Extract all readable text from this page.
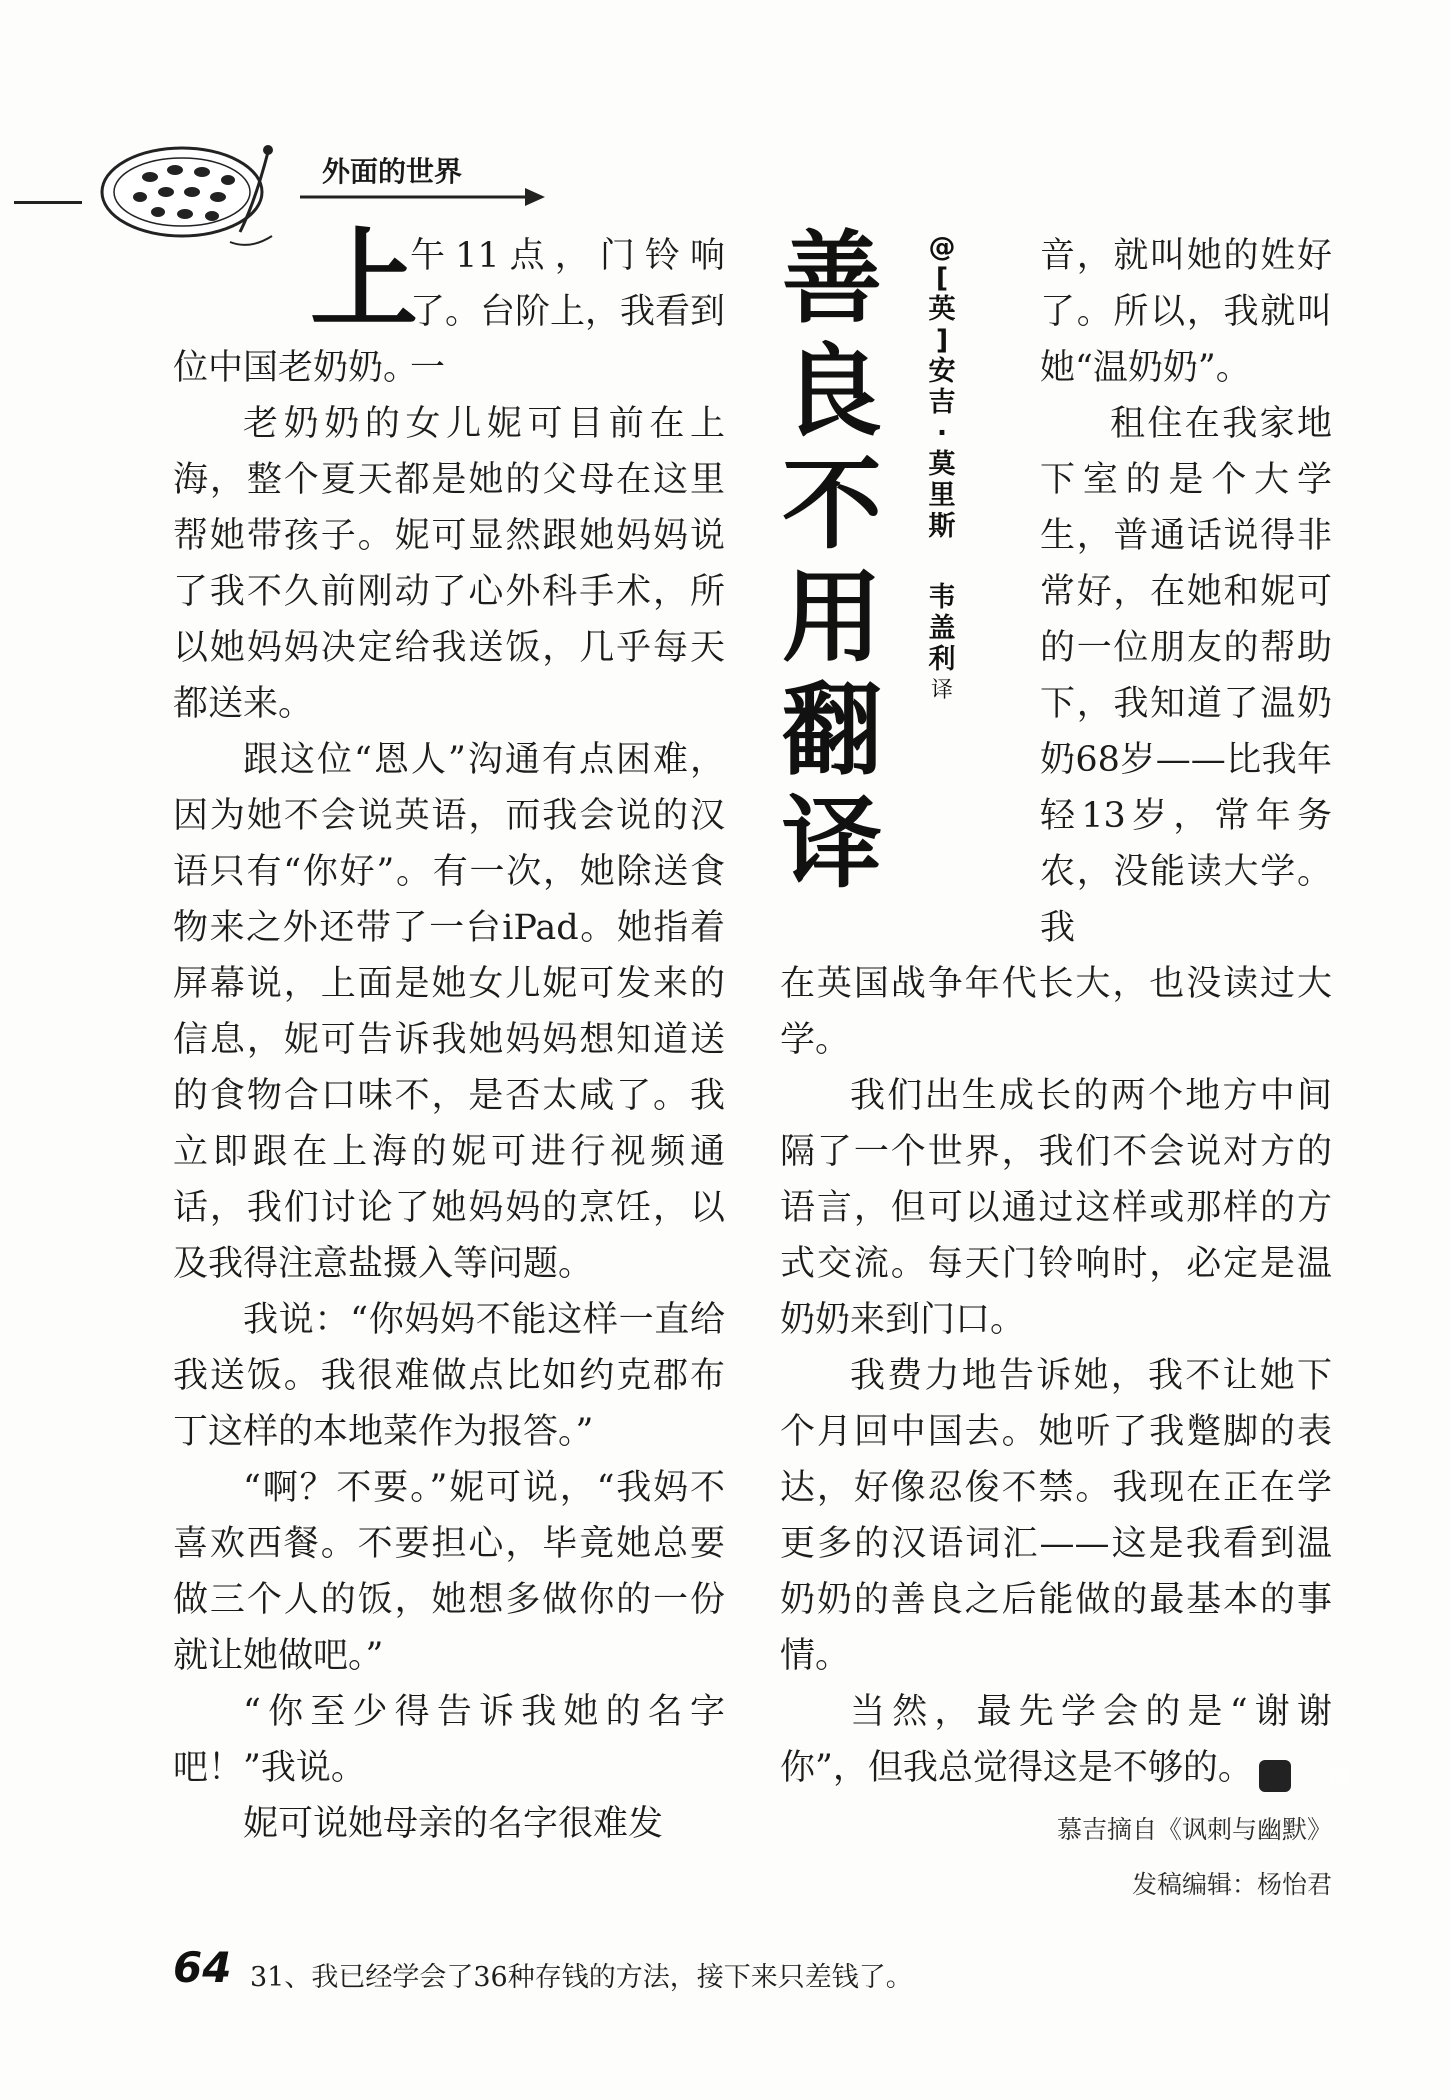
外面的世界
上
午11点，门铃响了。台阶上，我看到一

位中国老奶奶。

老奶奶的女儿妮可目前在上海，整个夏天都是她的父母在这里帮她带孩子。妮可显然跟她妈妈说了我不久前刚动了心外科手术，所以她妈妈决定给我送饭，几乎每天都送来。

跟这位“恩人”沟通有点困难，因为她不会说英语，而我会说的汉语只有“你好”。有一次，她除送食物来之外还带了一台iPad。她指着屏幕说，上面是她女儿妮可发来的信息，妮可告诉我她妈妈想知道送的食物合口味不，是否太咸了。我立即跟在上海的妮可进行视频通话，我们讨论了她妈妈的烹饪，以及我得注意盐摄入等问题。

我说：“你妈妈不能这样一直给我送饭。我很难做点比如约克郡布丁这样的本地菜作为报答。”

“啊？不要。”妮可说，“我妈不喜欢西餐。不要担心，毕竟她总要做三个人的饭，她想多做你的一份就让她做吧。”

“你至少得告诉我她的名字吧！”我说。

妮可说她母亲的名字很难发

善
良
不
用
翻
译
@
[
英
]
安
吉
·
莫
里
斯
韦
盖
利
译

音，就叫她的姓好了。所以，我就叫她“温奶奶”。

租住在我家地下室的是个大学生，普通话说得非常好，在她和妮可的一位朋友的帮助下，我知道了温奶奶68岁——比我年轻13岁，常年务农，没能读大学。我

在英国战争年代长大，也没读过大学。

我们出生成长的两个地方中间隔了一个世界，我们不会说对方的语言，但可以通过这样或那样的方式交流。每天门铃响时，必定是温奶奶来到门口。

我费力地告诉她，我不让她下个月回中国去。她听了我蹩脚的表达，好像忍俊不禁。我现在正在学更多的汉语词汇——这是我看到温奶奶的善良之后能做的最基本的事情。

当然，最先学会的是“谢谢你”，但我总觉得这是不够的。	幽

慕吉摘自《讽刺与幽默》
发稿编辑：杨怡君
64 31、我已经学会了36种存钱的方法，接下来只差钱了。
